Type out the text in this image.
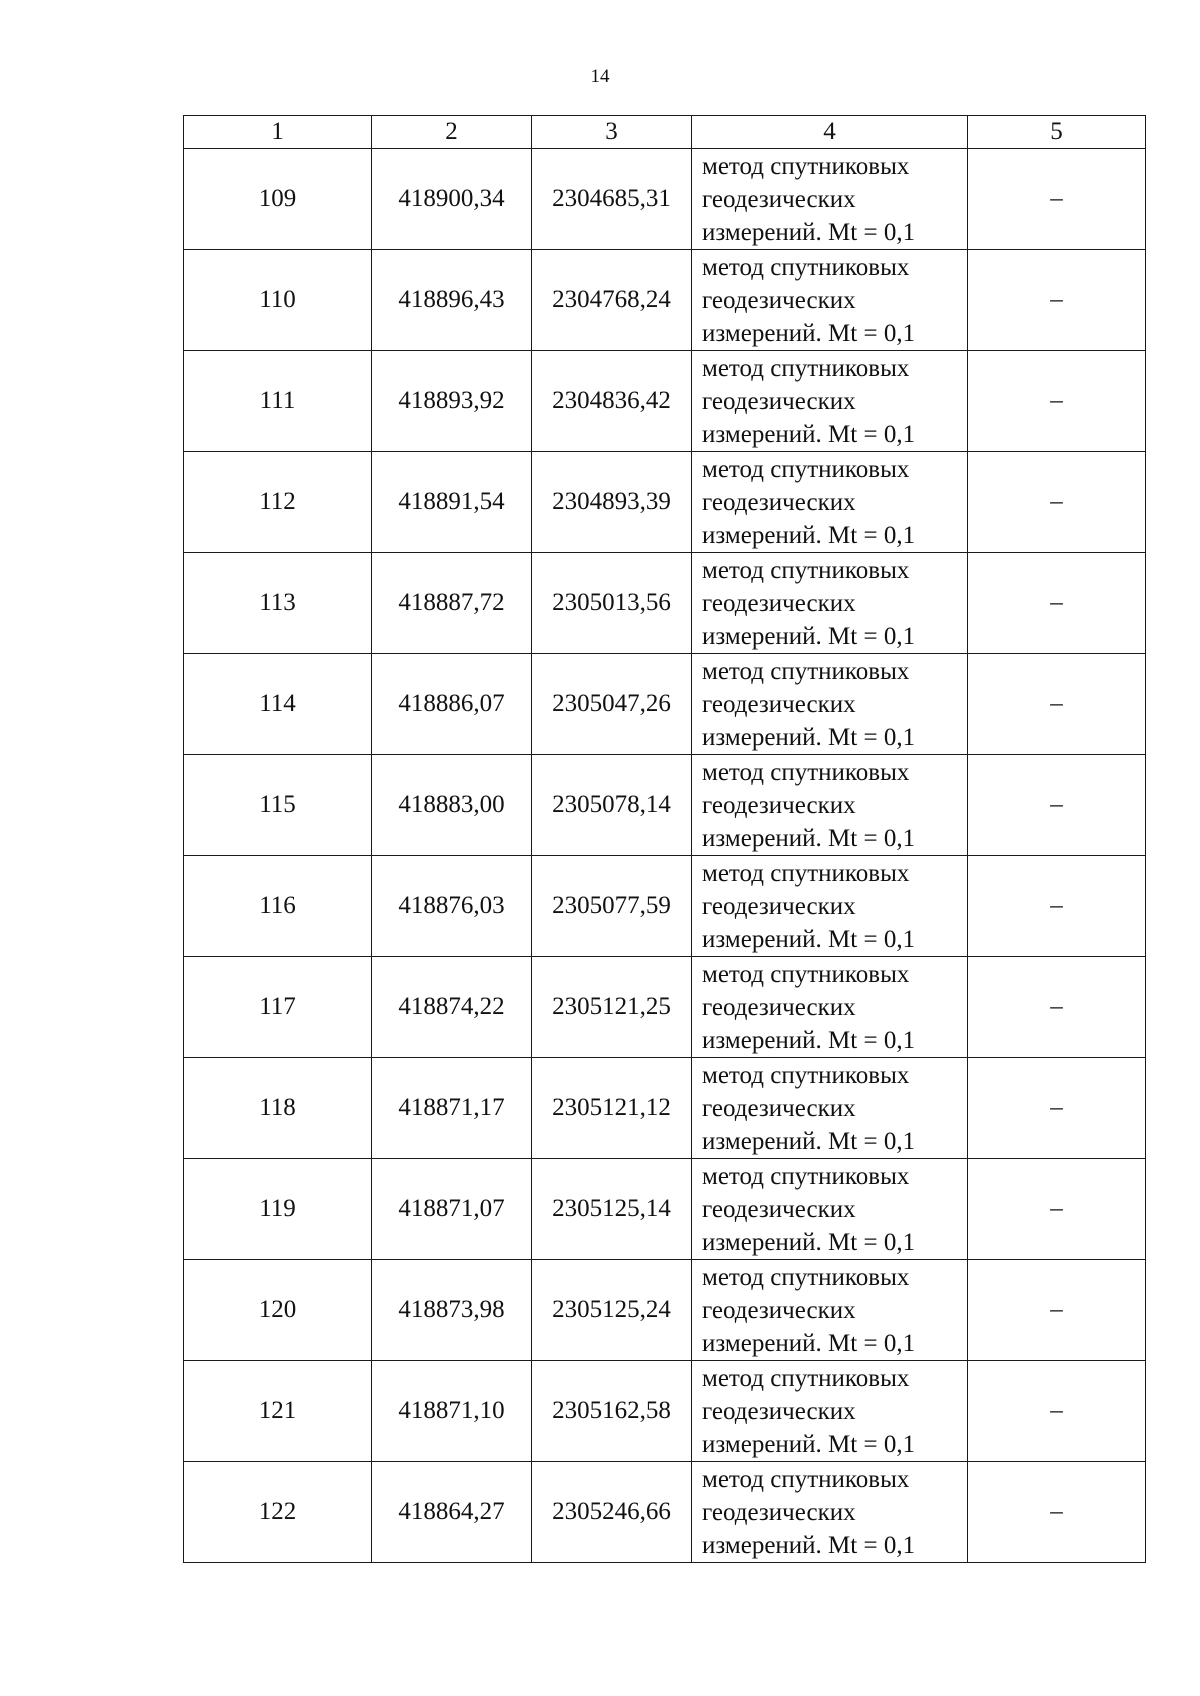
14
1	2	3	4	5
109	418900,34	2304685,31	метод спутниковых
геодезических
измерений. Mt = 0,1	–
110	418896,43	2304768,24	метод спутниковых
геодезических
измерений. Mt = 0,1	–
111	418893,92	2304836,42	метод спутниковых
геодезических
измерений. Mt = 0,1	–
112	418891,54	2304893,39	метод спутниковых
геодезических
измерений. Mt = 0,1	–
113	418887,72	2305013,56	метод спутниковых
геодезических
измерений. Mt = 0,1	–
114	418886,07	2305047,26	метод спутниковых
геодезических
измерений. Mt = 0,1	–
115	418883,00	2305078,14	метод спутниковых
геодезических
измерений. Mt = 0,1	–
116	418876,03	2305077,59	метод спутниковых
геодезических
измерений. Mt = 0,1	–
117	418874,22	2305121,25	метод спутниковых
геодезических
измерений. Mt = 0,1	–
118	418871,17	2305121,12	метод спутниковых
геодезических
измерений. Mt = 0,1	–
119	418871,07	2305125,14	метод спутниковых
геодезических
измерений. Mt = 0,1	–
120	418873,98	2305125,24	метод спутниковых
геодезических
измерений. Mt = 0,1	–
121	418871,10	2305162,58	метод спутниковых
геодезических
измерений. Mt = 0,1	–
122	418864,27	2305246,66	метод спутниковых
геодезических
измерений. Mt = 0,1	–
